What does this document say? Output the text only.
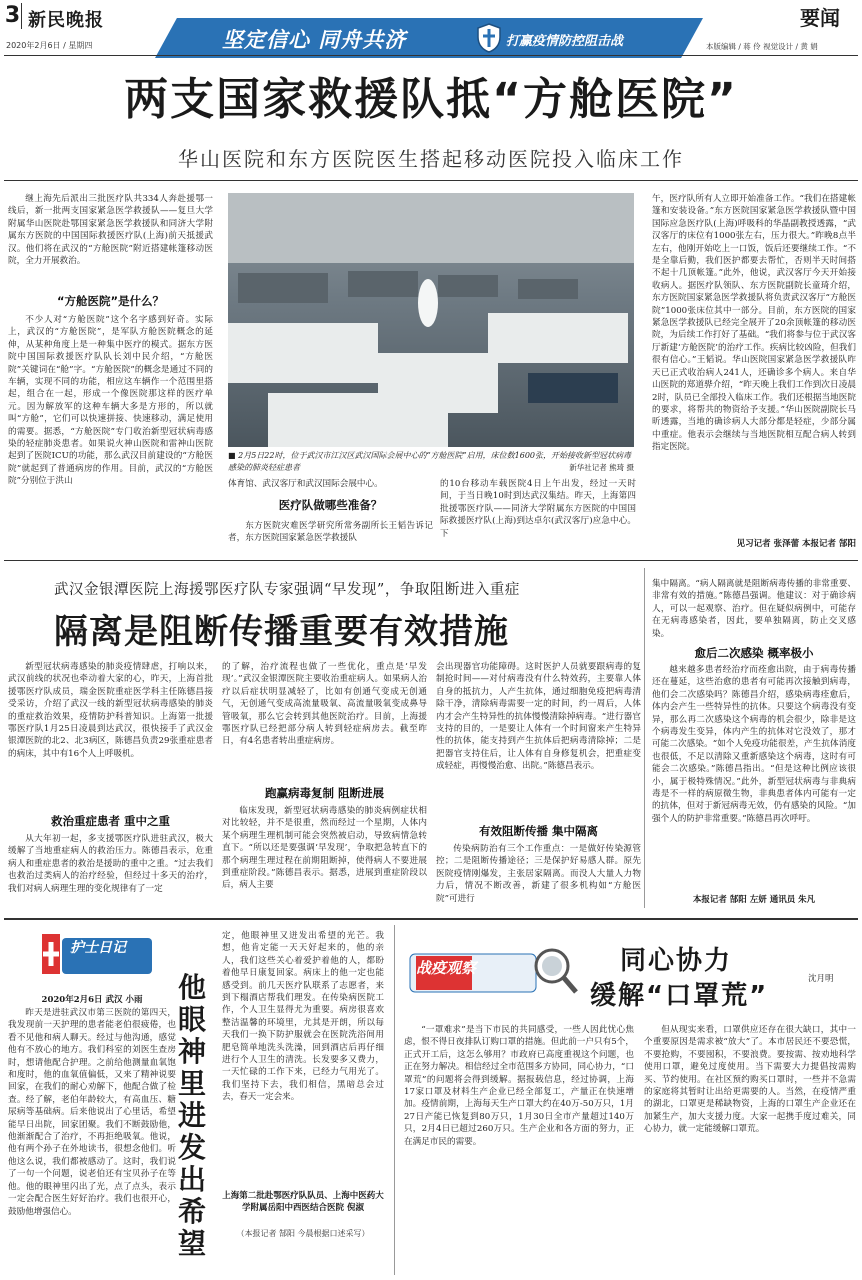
3 新民晚报
2020年2月6日 / 星期四	坚定信心 同舟共济	打赢疫情防控阻击战
要闻
本版编辑 / 蒋 伶 视觉设计 / 黄 娟
两支国家救援队抵“方舱医院”
华山医院和东方医院医生搭起移动医院投入临床工作
继上海先后派出三批医疗队共334人奔赴援鄂一线后，新一批两支国家紧急医学救援队——复旦大学附属华山医院赴鄂国家紧急医学救援队和同济大学附属东方医院的中国国际救援医疗队(上海)前天抵援武汉。他们将在武汉的“方舱医院”附近搭建帐篷移动医院，全力开展救治。
“方舱医院”是什么？
不少人对“方舱医院”这个名字感到好奇。实际上，武汉的“方舱医院”，是军队方舱医院概念的延伸，从某种角度上是一种集中医疗的模式。据东方医院中国国际救援医疗队队长刘中民介绍，“方舱医院”关键词在“舱”字。“方舱医院”的概念是通过不同的车辆，实现不同的功能，相应这车辆作一个范围里搭起，组合在一起，形成一个像医院那这样的医疗单元。因为解放军的这种车辆大多是方形的，所以就叫“方舱”，它们可以快速拼接、快速移动，满足使用的需要。据悉，“方舱医院”专门收治新型冠状病毒感染的轻症肺炎患者。如果说火神山医院和雷神山医院起到了医院ICU的功能，那么武汉目前建设的“方舱医院”就起到了普通病房的作用。目前，武汉的“方舱医院”分别位于洪山
■ 2月5日22时，位于武汉市江汉区武汉国际会展中心的“方舱医院”启用，床位数1600张，开始接收新型冠状病毒感染的肺炎轻症患者	新华社记者 熊琦 摄
体育馆、武汉客厅和武汉国际会展中心。
医疗队做哪些准备？
东方医院灾难医学研究所常务副所长王韬告诉记者，东方医院国家紧急医学救援队
的10台移动车载医院4日上午出发，经过一天时间，于当日晚10时到达武汉集结。昨天，上海第四批援鄂医疗队——同济大学附属东方医院的中国国际救援医疗队(上海)到达卓尔(武汉客厅)应急中心。下
午，医疗队所有人立即开始准备工作。“我们在搭建帐篷和安装设备。”东方医院国家紧急医学救援队暨中国国际应急医疗队(上海)呼吸科的华晶副教授透露，“武汉客厅的床位有1000张左右，压力很大。”昨晚8点半左右，他刚开始吃上一口饭，饭后还要继续工作。“不是全靠后勤，我们医护都要去帮忙，否则半天时间搭不起十几顶帐篷。”此外，他说，武汉客厅今天开始接收病人。据医疗队领队、东方医院副院长童琦介绍，东方医院国家紧急医学救援队将负责武汉客厅“方舱医院”1000张床位其中一部分。目前，东方医院的国家紧急医学救援队已经完全展开了20余顶帐篷的移动医院，为后续工作打好了基础。“我们将参与位于武汉客厅新建‘方舱医院’的治疗工作。疾病比较凶险，但我们很有信心。”王韬说。华山医院国家紧急医学救援队昨天已正式收治病人241人，还确诊多个病人。来自华山医院的郑道骅介绍，“昨天晚上我们工作到次日凌晨2时，队员已全部投入临床工作。我们还根据当地医院的要求，将帮共的物资给予支援。”华山医院副院长马昕透露，当地的确诊病人大部分都是轻症，少部分属中重症。他表示会继续与当地医院相互配合病人转到指定医院。
见习记者 张泽蕾 本报记者 郜阳
武汉金银潭医院上海援鄂医疗队专家强调“早发现”，争取阻断进入重症
隔离是阻断传播重要有效措施
新型冠状病毒感染的肺炎疫情肆虐，打响以来，武汉前线的状况也牵动着大家的心，昨天，上海首批援鄂医疗队成员，瑞金医院重症医学科主任陈德昌接受采访，介绍了武汉一线的新型冠状病毒感染的肺炎的重症救治效果，疫情防护科普知识。上海第一批援鄂医疗队1月25日凌晨到达武汉，很快接手了武汉金银潭医院的北2、北3病区，陈德昌负责29张重症患者的病床，其中有16个人上呼吸机。
救治重症患者 重中之重
从大年初一起，多支援鄂医疗队进驻武汉，极大缓解了当地重症病人的救治压力。陈德昌表示，危重病人和重症患者的救治是援助的重中之重。“过去我们也救治过类病人的治疗经验，但经过十多天的治疗，我们对病人病理生理的变化规律有了一定
的了解，治疗流程也做了一些优化，重点是‘早发现’。”武汉金银潭医院主要收治重症病人。如果病人治疗以后症状明显减轻了，比如有创通气变成无创通气，无创通气变成高流量吸氧、高流量吸氧变成鼻导管吸氧，那么它会转到其他医院治疗。目前，上海援鄂医疗队已经把部分病人转到轻症病房去。截至昨日，有4名患者转出重症病房。
跑赢病毒复制 阻断进展
临床发现，新型冠状病毒感染的肺炎病例症状相对比较轻，并不是很重，然而经过一个星期，人体内某个病理生理机制可能会突然被启动，导致病情急转直下。“所以还是要强调‘早发现’，争取把急转直下的那个病理生理过程在前期阻断掉，使得病人不要进展到重症阶段。”陈德昌表示。据悉，进展到重症阶段以后，病人主要
会出现器官功能障碍。这时医护人员就要跟病毒的复制抢时间——对付病毒没有什么特效药，主要靠人体自身的抵抗力，人产生抗体，通过细胞免疫把病毒清除干净，清除病毒需要一定的时间，约一周后，人体内才会产生特异性的抗体慢慢清除掉病毒。“进行器官支持的目的，一是要让人体有一个时间窗来产生特异性的抗体，能支持到产生抗体后把病毒清除掉；二是把器官支持住后，让人体有自身修复机会，把重症变成轻症，再慢慢治愈、出院。”陈德昌表示。
有效阻断传播 集中隔离
传染病防治有三个工作重点：一是做好传染源管控；二是阻断传播途径；三是保护好易感人群。原先医院疫情刚爆发，主张居家隔离。而没人大量人力物力后，情况不断改善，新建了很多机构如“方舱医院”可进行
集中隔离。“病人隔离就是阻断病毒传播的非常重要、非常有效的措施。”陈德昌强调。他建议：对于确诊病人，可以一起观察、治疗。但在疑似病例中，可能存在无病毒感染者，因此，要单独隔离，防止交叉感染。
愈后二次感染 概率极小
越来越多患者经治疗而痊愈出院，由于病毒传播还在蔓延，这些治愈的患者有可能再次接触到病毒，他们会二次感染吗？陈德昌介绍，感染病毒痊愈后，体内会产生一些特异性的抗体。只要这个病毒没有变异，那么再二次感染这个病毒的机会很少，除非是这个病毒发生变异，体内产生的抗体对它没效了，那才可能二次感染。“如个人免疫功能很差，产生抗体消度也很低，不足以清除又重新感染这个病毒，这时有可能会二次感染。”陈德昌指出。“但是这种比例应该很小，属于极特殊情况。”此外，新型冠状病毒与非典病毒是不一样的病原微生物，非典患者体内可能有一定的抗体，但对于新冠病毒无效，仍有感染的风险。“加强个人的防护非常重要。”陈德昌再次呼吁。
本报记者 郜阳 左妍 通讯员 朱凡
护士日记
他眼神里进发出希望
2020年2月6日 武汉 小雨
昨天是进驻武汉市第三医院的第四天，我发现前一天护理的患者能老伯很疲倦，也看不见他和病人聊天。经过与他沟通，感觉他有不放心的地方。我们科室的刘医生查房时，想请他配合护理。之前给他测量血氧饱和度时，他的血氧值偏低，又来了精神说要回家，在我们的耐心劝解下，他配合做了检查。经了解，老伯年龄较大，有高血压、糖尿病等基础病。后来他说出了心里话，希望能早日出院，回家团聚。我们不断鼓励他，他渐渐配合了治疗，不再拒绝吸氧。他说，他有两个孙子在外地读书，很想念他们。听他这么说，我们都被感动了。这时，我们说了一句一个问题，说老伯还有宝贝孙子在等他。他的眼神里闪出了光，点了点头，表示一定会配合医生好好治疗。我们也很开心，鼓励他增强信心。
定，他眼神里又迸发出希望的光芒。我想，他肯定能一天天好起来的，他的亲人，我们这些关心着爱护着他的人，都盼着他早日康复回家。病床上的他一定也能感受到。前几天医疗队联系了志愿者，来到下榻酒店帮我们理发。在传染病医院工作，个人卫生显得尤为重要。病房很喜欢整洁温馨的环境里，尤其是开朗，所以每天我们一换下防护服就会在医院洗浴间用肥皂简单地洗头洗澡，回到酒店后再仔细进行个人卫生的清洗。长发要多又费力，一天忙碌的工作下来，已经力气用光了。我们坚持下去，我们相信，黑暗总会过去，春天一定会来。
上海第二批赴鄂医疗队队员、上海中医药大学附属岳阳中西医结合医院 倪淑
（本报记者 郜阳 今晨根据口述采写）
战疫观察	同心协力
缓解“口罩荒”
沈月明
“一罩难求”是当下市民的共同感受，一些人因此忧心焦虑，恨不得日夜排队订购口罩的措施。但此前一户只有5个，正式开工后，这怎么够用？市政府已高度重视这个问题，也正在努力解决。相信经过全市范围多方协同，同心协力，“口罩荒”的问题将会得到缓解。据报载信息，经过协调，上海17家口罩及材料生产企业已经全部复工，产量正在快速增加。疫情前期，上海每天生产口罩大约在40万-50万只，1月27日产能已恢复到80万只，1月30日全市产量超过140万只，2月4日已超过260万只。生产企业和各方面的努力，正在满足市民的需要。
但从现实来看，口罩供应还存在很大缺口，其中一个重要原因是需求被“放大”了。本市居民还不要恐慌，不要抢购，不要囤积，不要浪费。要按需、按劝地科学使用口罩，避免过度使用。当下需要大力提倡按需购买、节约使用。在社区预约购买口罩时，一些并不急需的家庭将其暂时让出给更需要的人。当然，在疫情严重的湖北，口罩更是稀缺物资，上海的口罩生产企业还在加紧生产，加大支援力度。大家一起携手度过难关，同心协力，就一定能缓解口罩荒。
